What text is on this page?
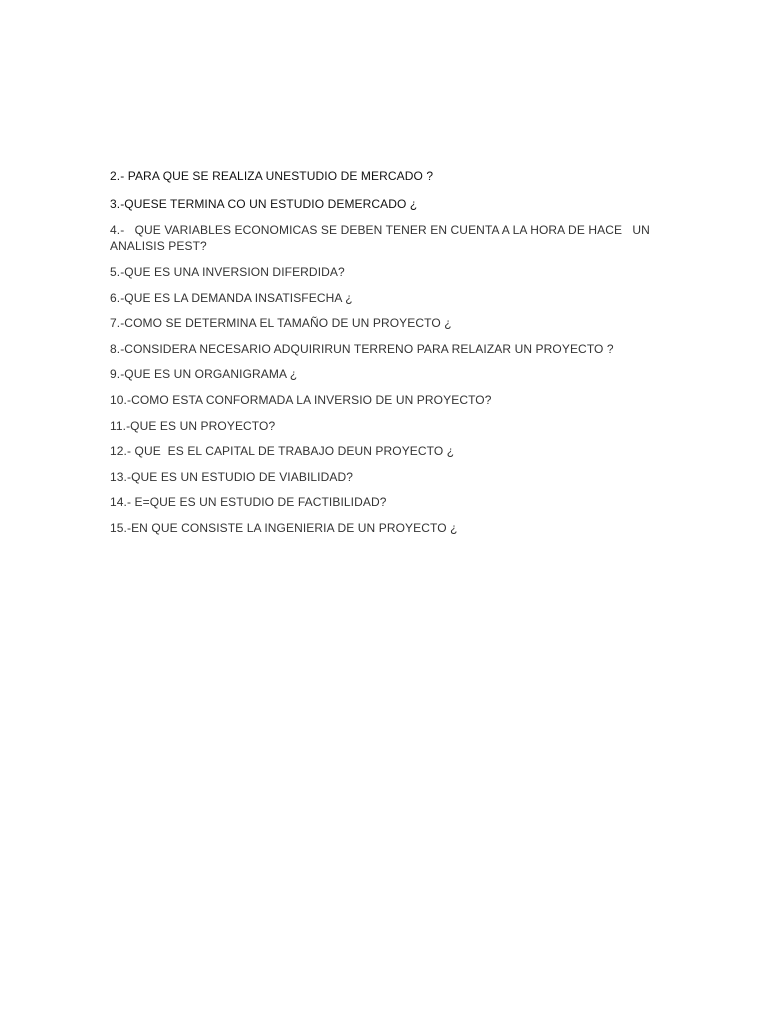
2.- PARA QUE SE REALIZA UNESTUDIO DE MERCADO ?
3.-QUESE TERMINA CO UN ESTUDIO DEMERCADO ¿
4.-   QUE VARIABLES ECONOMICAS SE DEBEN TENER EN CUENTA A LA HORA DE HACE   UN ANALISIS PEST?
5.-QUE ES UNA INVERSION DIFERDIDA?
6.-QUE ES LA DEMANDA INSATISFECHA ¿
7.-COMO SE DETERMINA EL TAMAÑO DE UN PROYECTO ¿
8.-CONSIDERA NECESARIO ADQUIRIRUN TERRENO PARA RELAIZAR UN PROYECTO ?
9.-QUE ES UN ORGANIGRAMA ¿
10.-COMO ESTA CONFORMADA LA INVERSIO DE UN PROYECTO?
11.-QUE ES UN PROYECTO?
12.- QUE  ES EL CAPITAL DE TRABAJO DEUN PROYECTO ¿
13.-QUE ES UN ESTUDIO DE VIABILIDAD?
14.- E=QUE ES UN ESTUDIO DE FACTIBILIDAD?
15.-EN QUE CONSISTE LA INGENIERIA DE UN PROYECTO ¿
